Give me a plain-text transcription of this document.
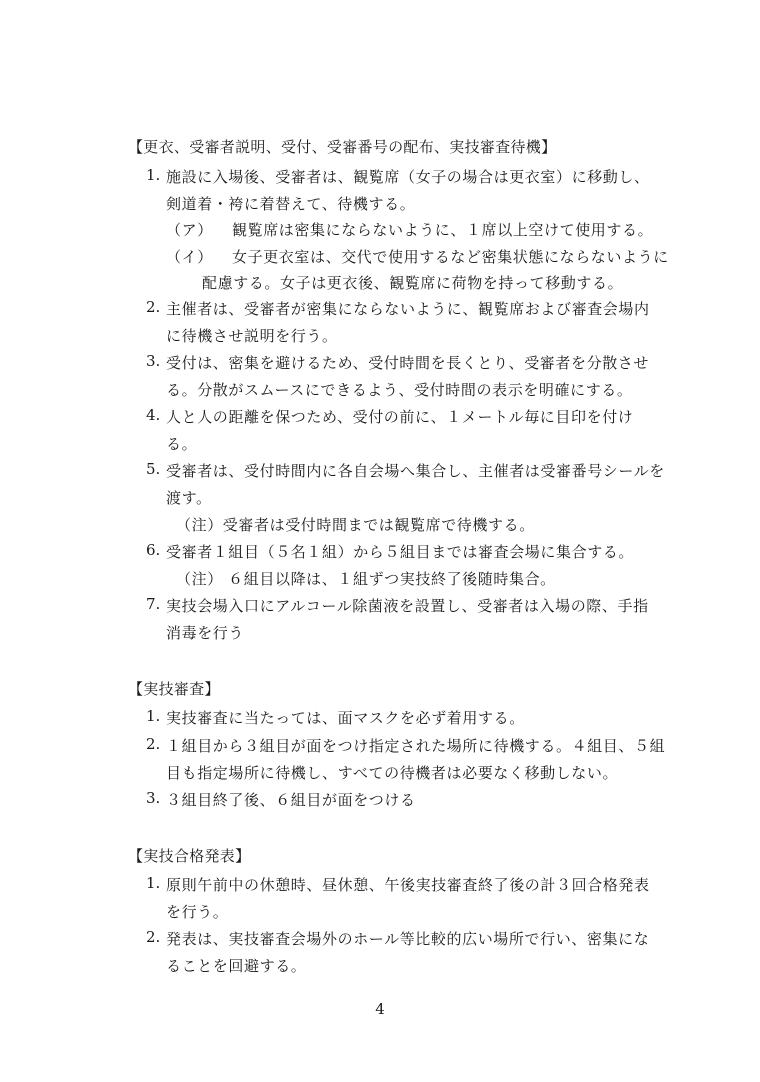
【更衣、受審者説明、受付、受審番号の配布、実技審査待機】
1. 施設に入場後、受審者は、観覧席（女子の場合は更衣室）に移動し、
剣道着・袴に着替えて、待機する。
（ア） 観覧席は密集にならないように、１席以上空けて使用する。
（イ） 女子更衣室は、交代で使用するなど密集状態にならないように
配慮する。女子は更衣後、観覧席に荷物を持って移動する。
2. 主催者は、受審者が密集にならないように、観覧席および審査会場内
に待機させ説明を行う。
3. 受付は、密集を避けるため、受付時間を長くとり、受審者を分散させ
る。分散がスムースにできるよう、受付時間の表示を明確にする。
4. 人と人の距離を保つため、受付の前に、１メートル毎に目印を付け
る。
5. 受審者は、受付時間内に各自会場へ集合し、主催者は受審番号シールを
渡す。
（注）受審者は受付時間までは観覧席で待機する。
6. 受審者１組目（５名１組）から５組目までは審査会場に集合する。
（注） ６組目以降は、１組ずつ実技終了後随時集合。
7. 実技会場入口にアルコール除菌液を設置し、受審者は入場の際、手指
消毒を行う
【実技審査】
1. 実技審査に当たっては、面マスクを必ず着用する。
2. １組目から３組目が面をつけ指定された場所に待機する。４組目、５組
目も指定場所に待機し、すべての待機者は必要なく移動しない。
3. ３組目終了後、６組目が面をつける
【実技合格発表】
1. 原則午前中の休憩時、昼休憩、午後実技審査終了後の計３回合格発表
を行う。
2. 発表は、実技審査会場外のホール等比較的広い場所で行い、密集にな
ることを回避する。
4
